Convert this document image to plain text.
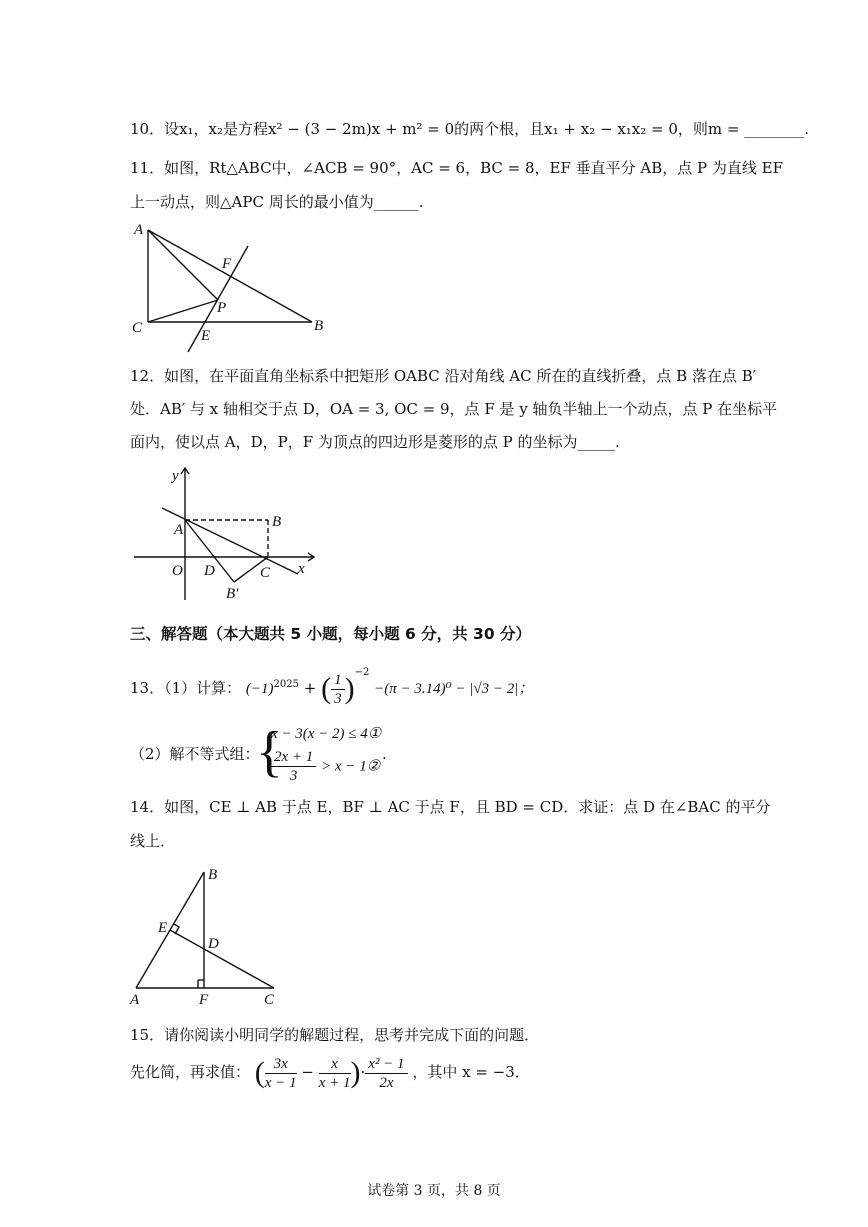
10．设x₁，x₂是方程x² − (3 − 2m)x + m² = 0的两个根，且x₁ + x₂ − x₁x₂ = 0，则m = ________.
11．如图，Rt△ABC中，∠ACB = 90°，AC = 6，BC = 8，EF 垂直平分 AB，点 P 为直线 EF
上一动点，则△APC 周长的最小值为______.
A
C	B
F
P
E
12．如图，在平面直角坐标系中把矩形 OABC 沿对角线 AC 所在的直线折叠，点 B 落在点 B′
处．AB′ 与 x 轴相交于点 D，OA = 3, OC = 9，点 F 是 y 轴负半轴上一个动点，点 P 在坐标平
面内，使以点 A，D，P，F 为顶点的四边形是菱形的点 P 的坐标为_____.
y
A	B
O D	C x
B′
三、解答题（本大题共 5 小题，每小题 6 分，共 30 分）
13．（1）计算： $(-1)^{2025}$ + ( $\frac{1}{3} )^{-2} -(\pi - 3.14)^0 - |√3 - 2|$；
（2）解不等式组：
{
x − 3(x − 2) ≤ 4①
$\frac{2x + 1}{3} > x$ − 1②
.
14．如图，CE ⊥ AB 于点 E，BF ⊥ AC 于点 F，且 BD = CD．求证：点 D 在∠BAC 的平分
线上．
B
E
D
A	F	C
15．请你阅读小明同学的解题过程，思考并完成下面的问题．
先化简，再求值： ( $\frac{3x}{x - 1} - \frac{x}{x + 1}$ )· $\frac{\text{x² − 1}}{2x}$ ，其中 x = −3．
试卷第 3 页，共 8 页
